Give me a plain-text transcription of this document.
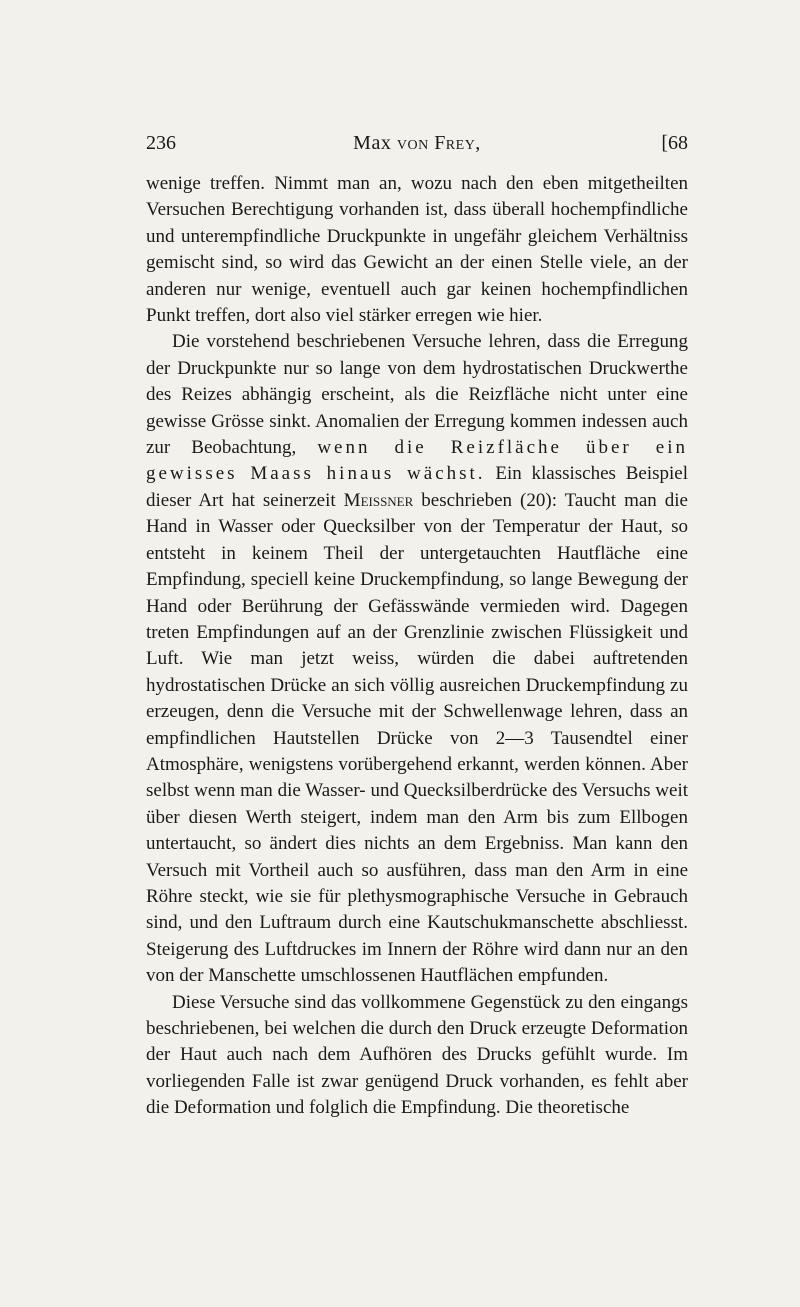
236	Max von Frey,	[68

wenige treffen. Nimmt man an, wozu nach den eben mitgetheilten Versuchen Berechtigung vorhanden ist, dass überall hochempfindliche und unterempfindliche Druckpunkte in ungefähr gleichem Verhältniss gemischt sind, so wird das Gewicht an der einen Stelle viele, an der anderen nur wenige, eventuell auch gar keinen hochempfindlichen Punkt treffen, dort also viel stärker erregen wie hier.

Die vorstehend beschriebenen Versuche lehren, dass die Erregung der Druckpunkte nur so lange von dem hydrostatischen Druckwerthe des Reizes abhängig erscheint, als die Reizfläche nicht unter eine gewisse Grösse sinkt. Anomalien der Erregung kommen indessen auch zur Beobachtung, wenn die Reizfläche über ein gewisses Maass hinaus wächst. Ein klassisches Beispiel dieser Art hat seinerzeit Meissner beschrieben (20): Taucht man die Hand in Wasser oder Quecksilber von der Temperatur der Haut, so entsteht in keinem Theil der untergetauchten Hautfläche eine Empfindung, speciell keine Druckempfindung, so lange Bewegung der Hand oder Berührung der Gefässwände vermieden wird. Dagegen treten Empfindungen auf an der Grenzlinie zwischen Flüssigkeit und Luft. Wie man jetzt weiss, würden die dabei auftretenden hydrostatischen Drücke an sich völlig ausreichen Druckempfindung zu erzeugen, denn die Versuche mit der Schwellenwage lehren, dass an empfindlichen Hautstellen Drücke von 2—3 Tausendtel einer Atmosphäre, wenigstens vorübergehend erkannt, werden können. Aber selbst wenn man die Wasser- und Quecksilberdrücke des Versuchs weit über diesen Werth steigert, indem man den Arm bis zum Ellbogen untertaucht, so ändert dies nichts an dem Ergebniss. Man kann den Versuch mit Vortheil auch so ausführen, dass man den Arm in eine Röhre steckt, wie sie für plethysmographische Versuche in Gebrauch sind, und den Luftraum durch eine Kautschukmanschette abschliesst. Steigerung des Luftdruckes im Innern der Röhre wird dann nur an den von der Manschette umschlossenen Hautflächen empfunden.

Diese Versuche sind das vollkommene Gegenstück zu den eingangs beschriebenen, bei welchen die durch den Druck erzeugte Deformation der Haut auch nach dem Aufhören des Drucks gefühlt wurde. Im vorliegenden Falle ist zwar genügend Druck vorhanden, es fehlt aber die Deformation und folglich die Empfindung. Die theoretische
